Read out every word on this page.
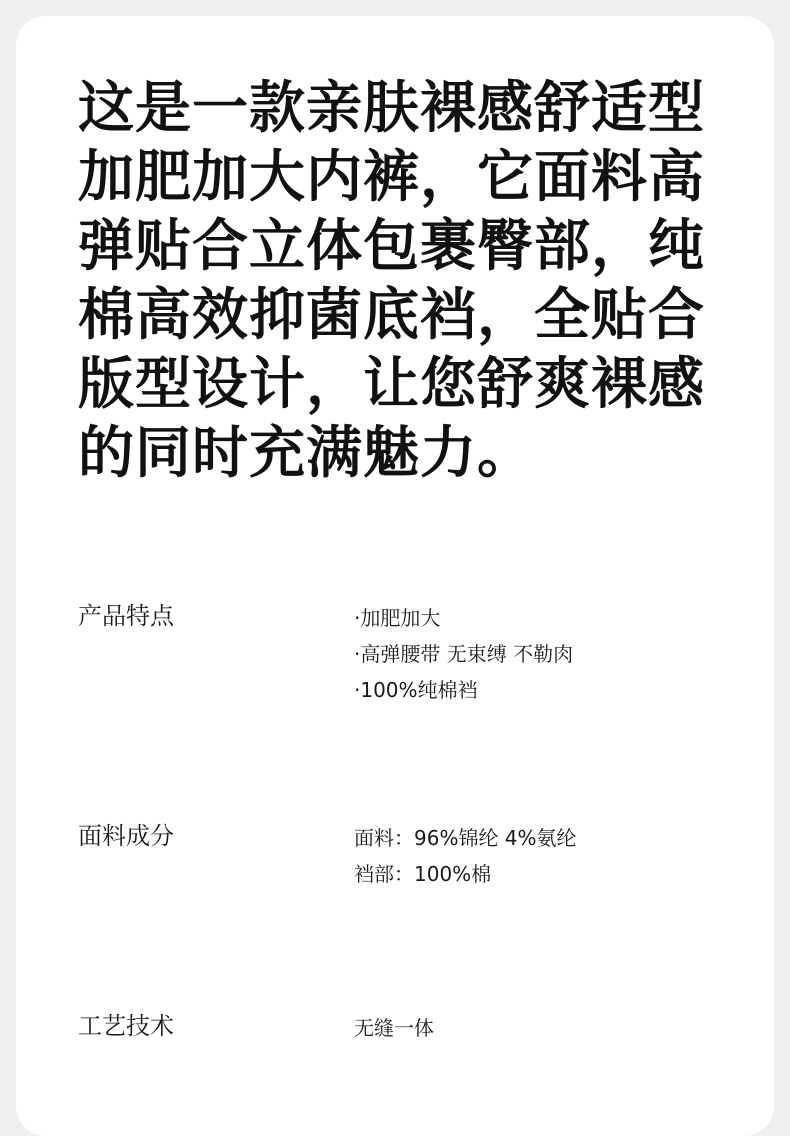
这是一款亲肤裸感舒适型加肥加大内裤，它面料高弹贴合立体包裹臀部，纯棉高效抑菌底裆，全贴合版型设计，让您舒爽裸感的同时充满魅力。

产品特点	·加肥加大
·高弹腰带 无束缚 不勒肉
·100%纯棉裆
面料成分	面料：96%锦纶 4%氨纶
裆部：100%棉
工艺技术	无缝一体
